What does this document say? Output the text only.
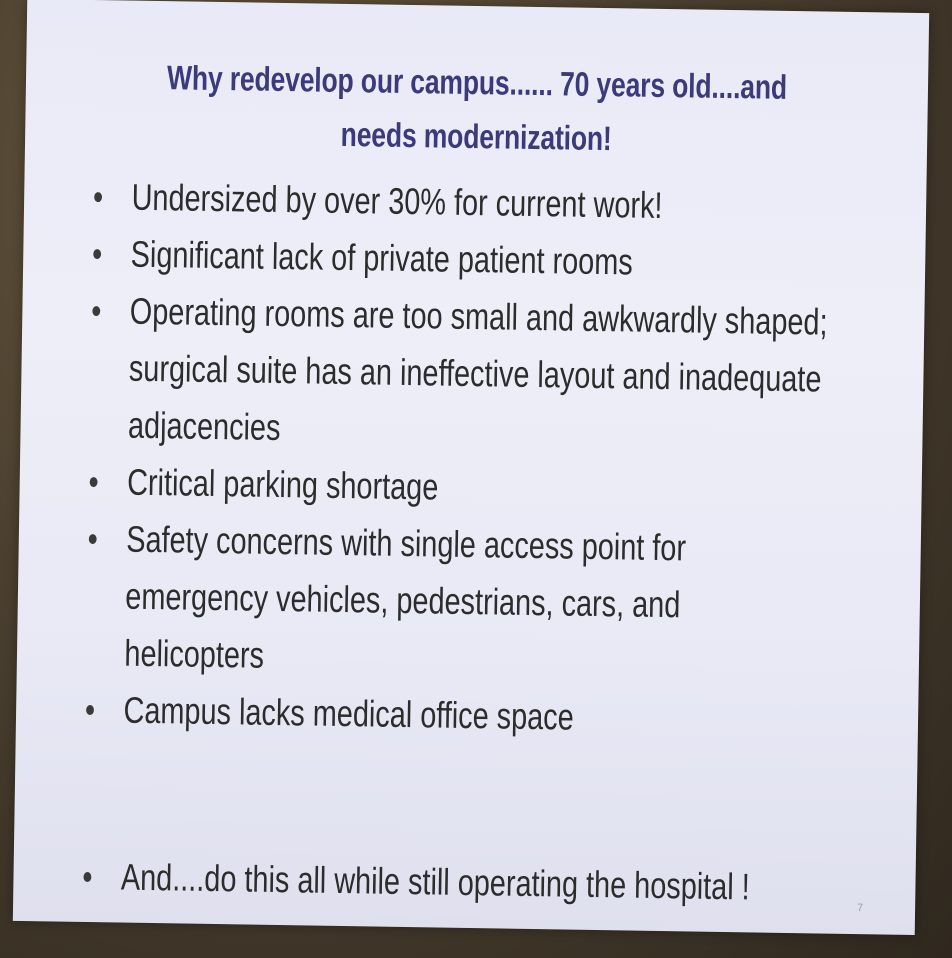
Why redevelop our campus...... 70 years old....and
needs modernization!
Undersized by over 30% for current work!
Significant lack of private patient rooms
Operating rooms are too small and awkwardly shaped; surgical suite has an ineffective layout and inadequate adjacencies
Critical parking shortage
Safety concerns with single access point for emergency vehicles, pedestrians, cars, and helicopters
Campus lacks medical office space
And....do this all while still operating the hospital !
7
